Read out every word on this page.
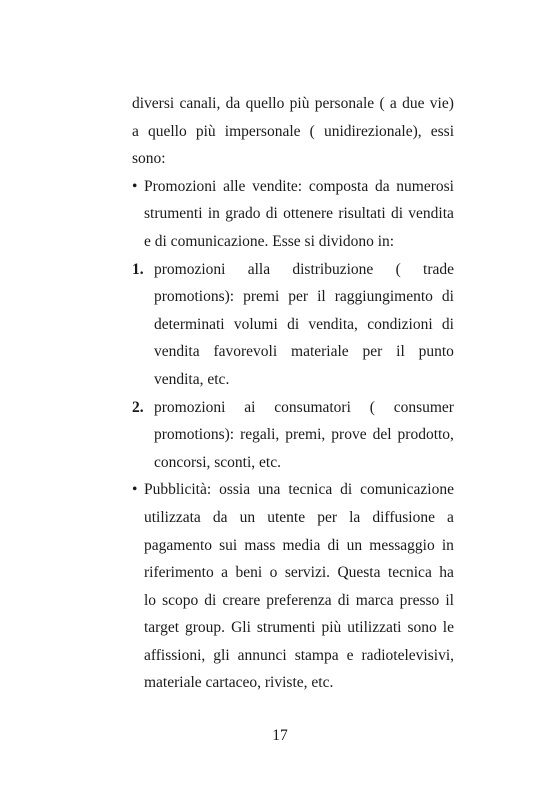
diversi canali, da quello più personale ( a due vie)
a quello più impersonale ( unidirezionale), essi
sono:
• Promozioni alle vendite: composta da numerosi
strumenti in grado di ottenere risultati di vendita
e di comunicazione. Esse si dividono in:
1. promozioni alla distribuzione ( trade
promotions): premi per il raggiungimento di
determinati volumi di vendita, condizioni di
vendita favorevoli materiale per il punto
vendita, etc.
2. promozioni ai consumatori ( consumer
promotions): regali, premi, prove del prodotto,
concorsi, sconti, etc.
• Pubblicità: ossia una tecnica di comunicazione
utilizzata da un utente per la diffusione a
pagamento sui mass media di un messaggio in
riferimento a beni o servizi. Questa tecnica ha
lo scopo di creare preferenza di marca presso il
target group. Gli strumenti più utilizzati sono le
affissioni, gli annunci stampa e radiotelevisivi,
materiale cartaceo, riviste, etc.
17
